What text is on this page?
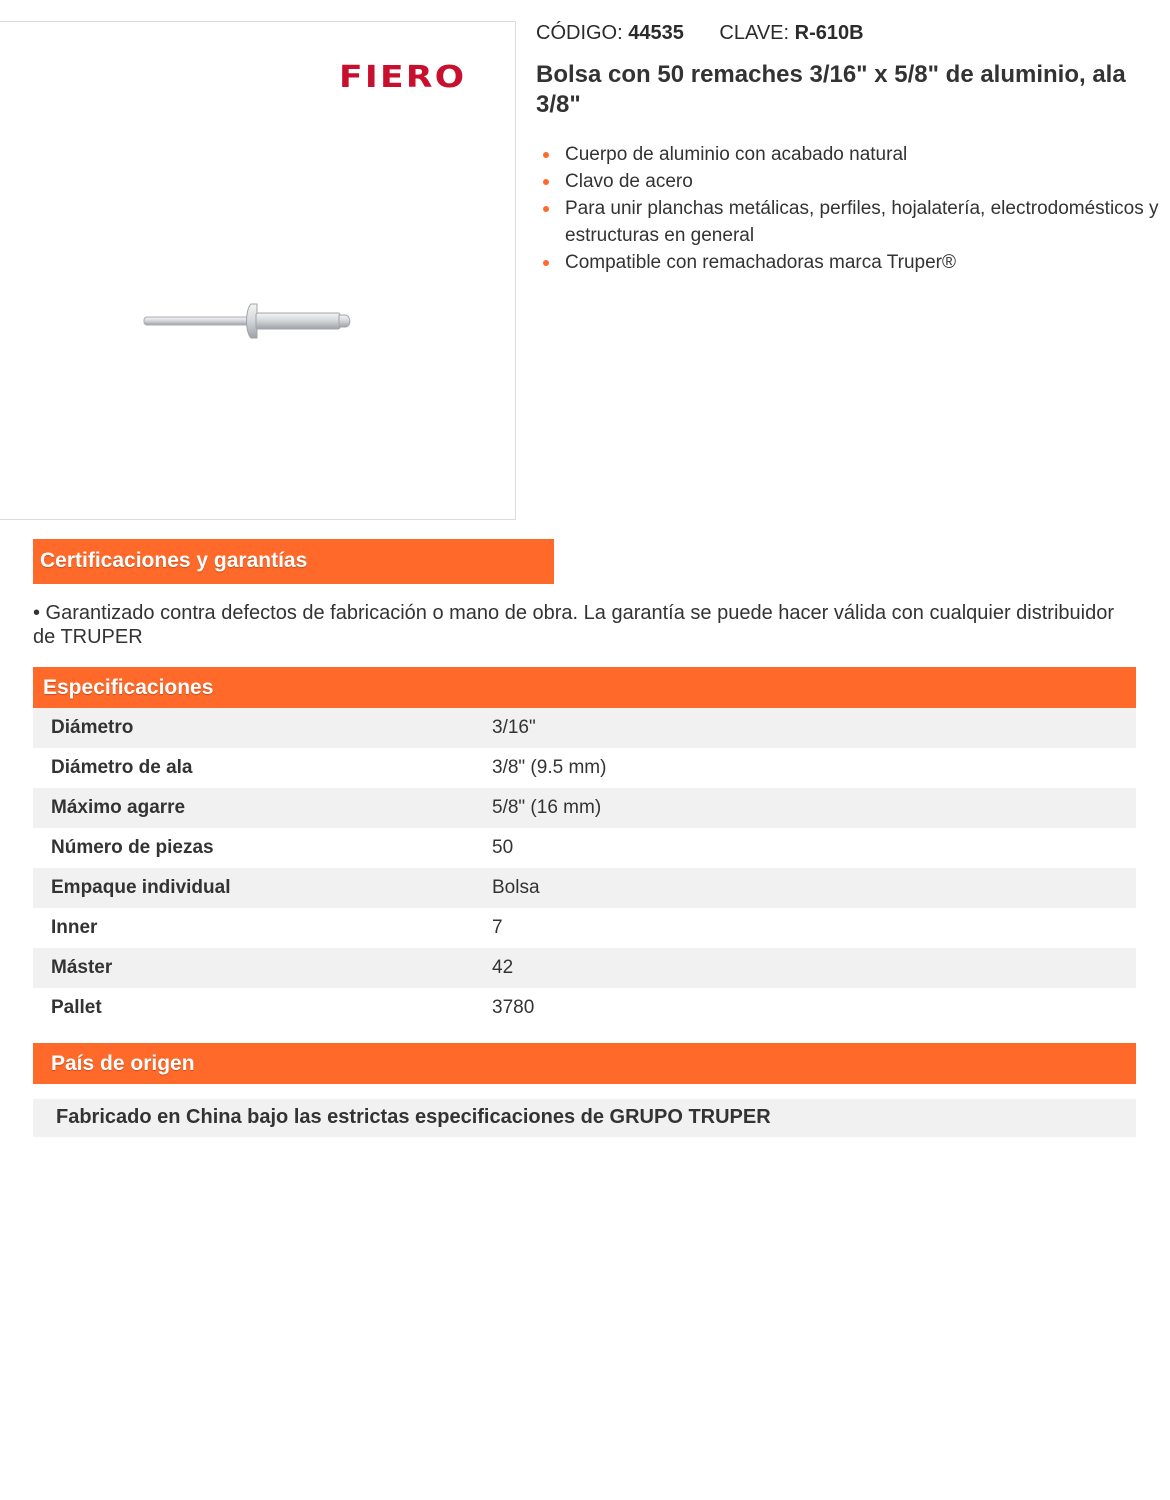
FIERO
CÓDIGO: 44535 CLAVE: R-610B
Bolsa con 50 remaches 3/16" x 5/8" de aluminio, ala 3/8"
Cuerpo de aluminio con acabado natural
Clavo de acero
Para unir planchas metálicas, perfiles, hojalatería, electrodomésticos y estructuras en general
Compatible con remachadoras marca Truper®
Certificaciones y garantías
• Garantizado contra defectos de fabricación o mano de obra. La garantía se puede hacer válida con cualquier distribuidor de TRUPER
Especificaciones
Diámetro	3/16"
Diámetro de ala	3/8" (9.5 mm)
Máximo agarre	5/8" (16 mm)
Número de piezas	50
Empaque individual	Bolsa
Inner	7
Máster	42
Pallet	3780
País de origen
Fabricado en China bajo las estrictas especificaciones de GRUPO TRUPER
